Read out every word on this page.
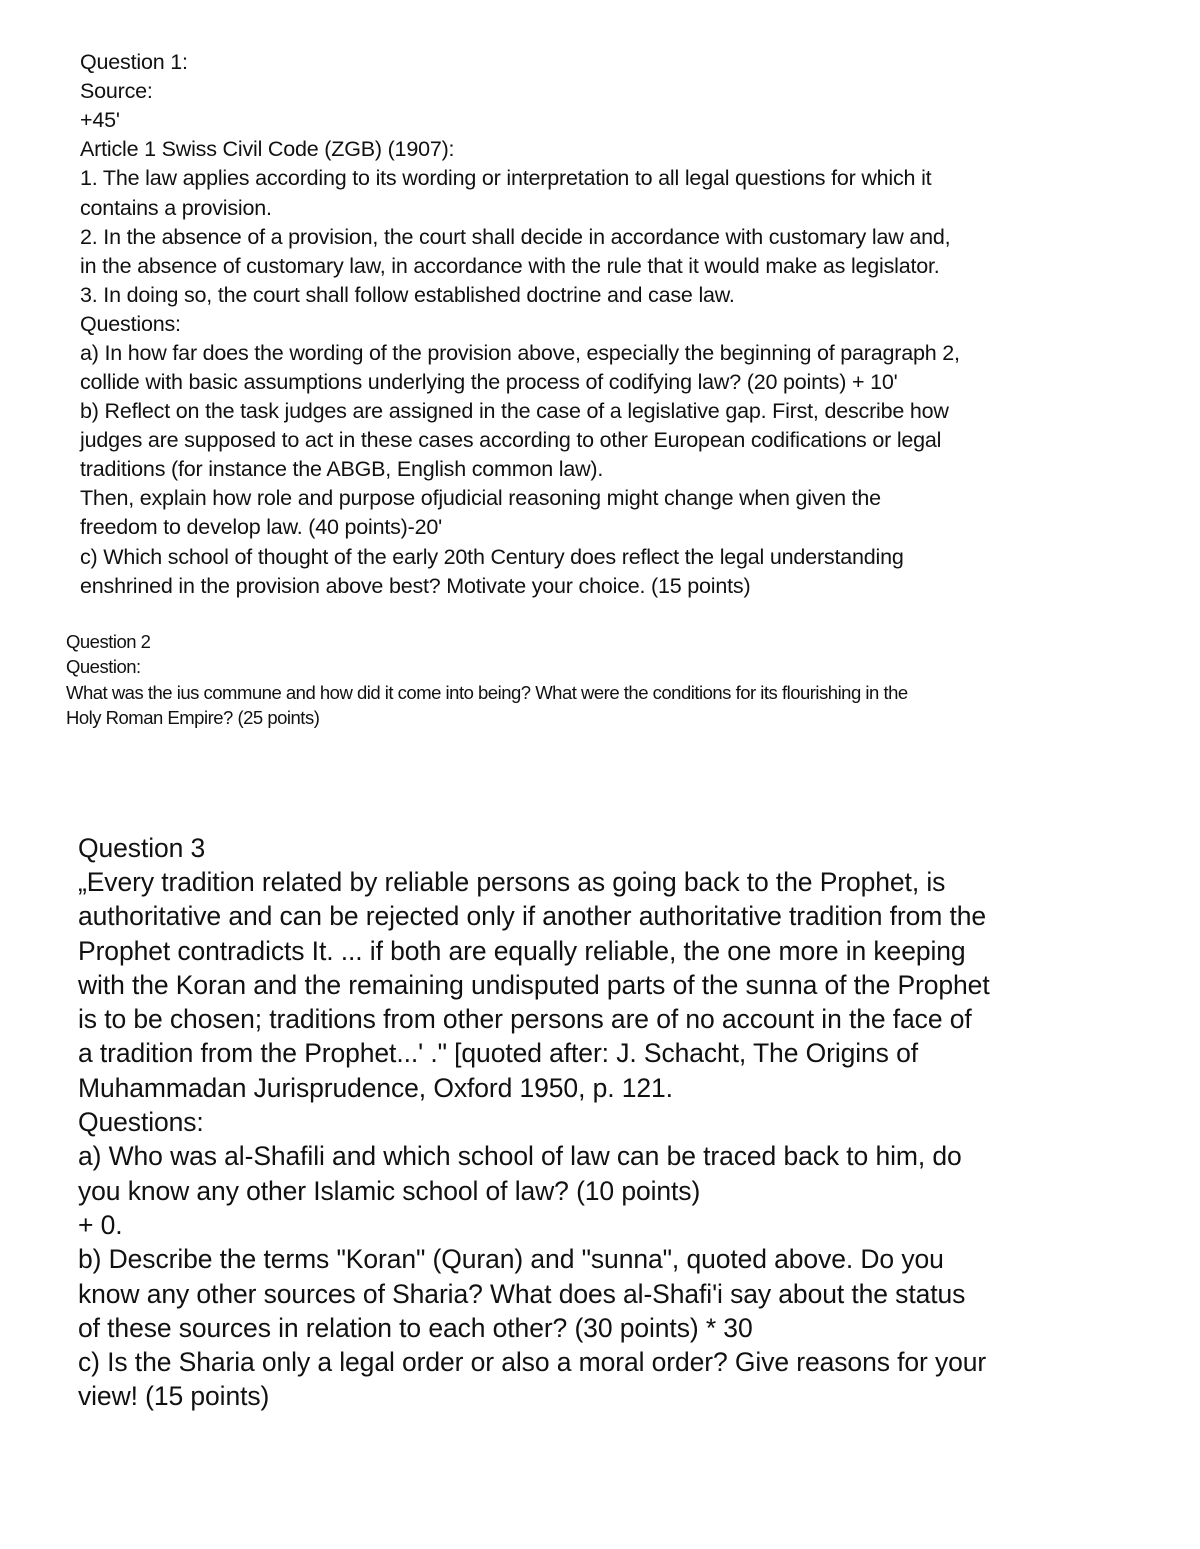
Question 1:

Source:

+45'

Article 1 Swiss Civil Code (ZGB) (1907):

1. The law applies according to its wording or interpretation to all legal questions for which it

contains a provision.

2. In the absence of a provision, the court shall decide in accordance with customary law and,

in the absence of customary law, in accordance with the rule that it would make as legislator.

3. In doing so, the court shall follow established doctrine and case law.

Questions:

a) In how far does the wording of the provision above, especially the beginning of paragraph 2,

collide with basic assumptions underlying the process of codifying law? (20 points) + 10'

b) Reflect on the task judges are assigned in the case of a legislative gap. First, describe how

judges are supposed to act in these cases according to other European codifications or legal

traditions (for instance the ABGB, English common law).

Then, explain how role and purpose ofjudicial reasoning might change when given the

freedom to develop law. (40 points)-20'

c) Which school of thought of the early 20th Century does reflect the legal understanding

enshrined in the provision above best? Motivate your choice. (15 points)

Question 2

Question:

What was the ius commune and how did it come into being? What were the conditions for its flourishing in the

Holy Roman Empire? (25 points)

Question 3

„Every tradition related by reliable persons as going back to the Prophet, is

authoritative and can be rejected only if another authoritative tradition from the

Prophet contradicts It. ... if both are equally reliable, the one more in keeping

with the Koran and the remaining undisputed parts of the sunna of the Prophet

is to be chosen; traditions from other persons are of no account in the face of

a tradition from the Prophet...' ." [quoted after: J. Schacht, The Origins of

Muhammadan Jurisprudence, Oxford 1950, p. 121.

Questions:

a) Who was al-Shafili and which school of law can be traced back to him, do

you know any other Islamic school of law? (10 points)

+ 0.

b) Describe the terms "Koran" (Quran) and "sunna", quoted above. Do you

know any other sources of Sharia? What does al-Shafi'i say about the status

of these sources in relation to each other? (30 points) * 30

c) Is the Sharia only a legal order or also a moral order? Give reasons for your

view! (15 points)
